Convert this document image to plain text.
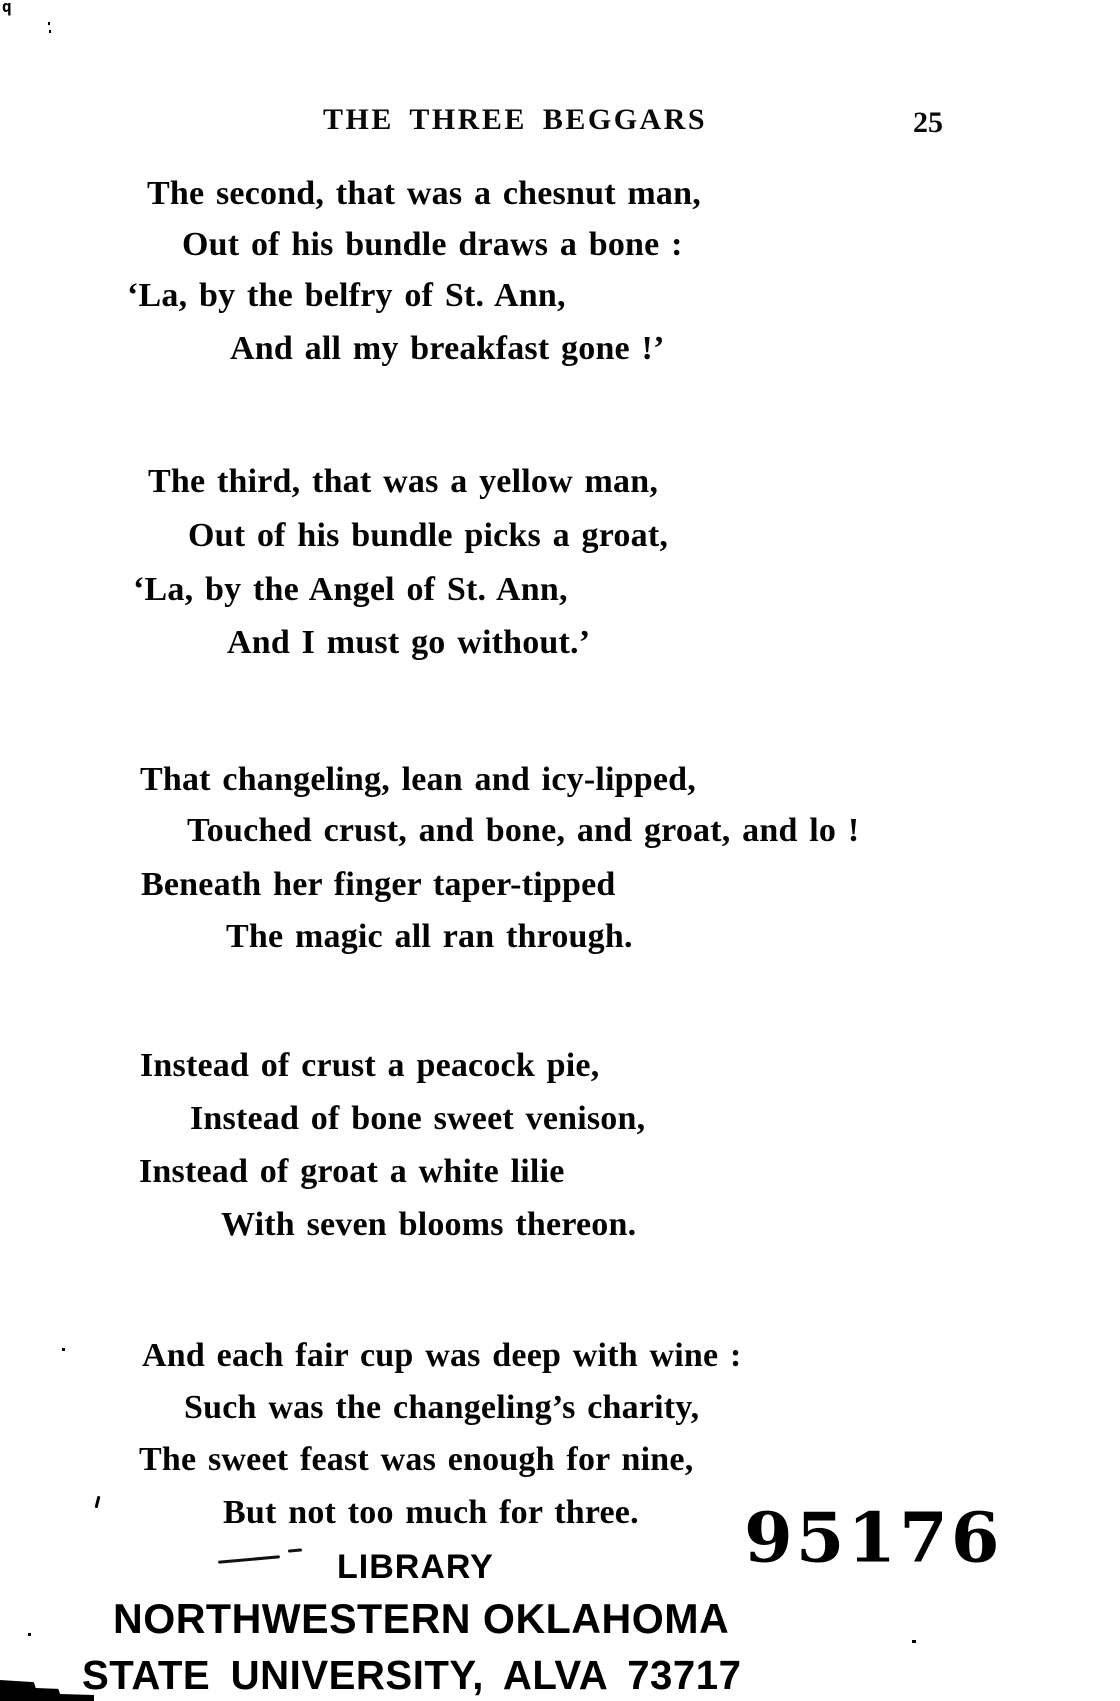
THE THREE BEGGARS	25
The second, that was a chesnut man,
Out of his bundle draws a bone :
‘La, by the belfry of St. Ann,
And all my breakfast gone !’
The third, that was a yellow man,
Out of his bundle picks a groat,
‘La, by the Angel of St. Ann,
And I must go without.’
That changeling, lean and icy-lipped,
Touched crust, and bone, and groat, and lo !
Beneath her finger taper-tipped
The magic all ran through.
Instead of crust a peacock pie,
Instead of bone sweet venison,
Instead of groat a white lilie
With seven blooms thereon.
And each fair cup was deep with wine :
Such was the changeling’s charity,
The sweet feast was enough for nine,
But not too much for three. 95176
LIBRARY
NORTHWESTERN OKLAHOMA
STATE UNIVERSITY, ALVA 73717
q
